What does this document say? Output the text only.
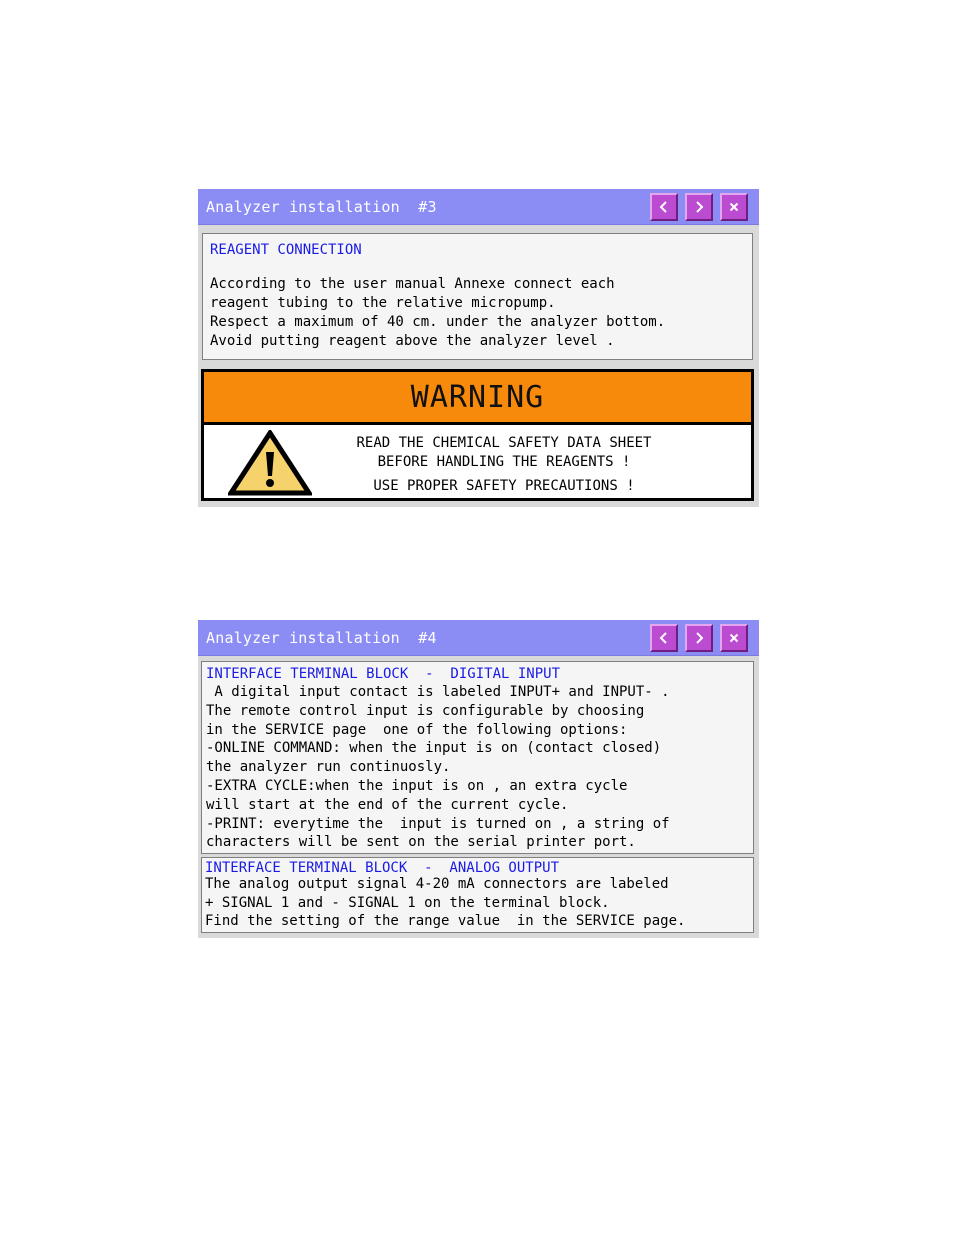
Analyzer installation  #3
REAGENT CONNECTION
According to the user manual Annexe connect each
reagent tubing to the relative micropump.
Respect a maximum of 40 cm. under the analyzer bottom.
Avoid putting reagent above the analyzer level .
WARNING
READ THE CHEMICAL SAFETY DATA SHEET
BEFORE HANDLING THE REAGENTS !
USE PROPER SAFETY PRECAUTIONS !
Analyzer installation  #4
INTERFACE TERMINAL BLOCK  -  DIGITAL INPUT
A digital input contact is labeled INPUT+ and INPUT- .
The remote control input is configurable by choosing
in the SERVICE page  one of the following options:
-ONLINE COMMAND: when the input is on (contact closed)
the analyzer run continuosly.
-EXTRA CYCLE:when the input is on , an extra cycle
will start at the end of the current cycle.
-PRINT: everytime the  input is turned on , a string of
characters will be sent on the serial printer port.
INTERFACE TERMINAL BLOCK  -  ANALOG OUTPUT
The analog output signal 4-20 mA connectors are labeled
+ SIGNAL 1 and - SIGNAL 1 on the terminal block.
Find the setting of the range value  in the SERVICE page.
